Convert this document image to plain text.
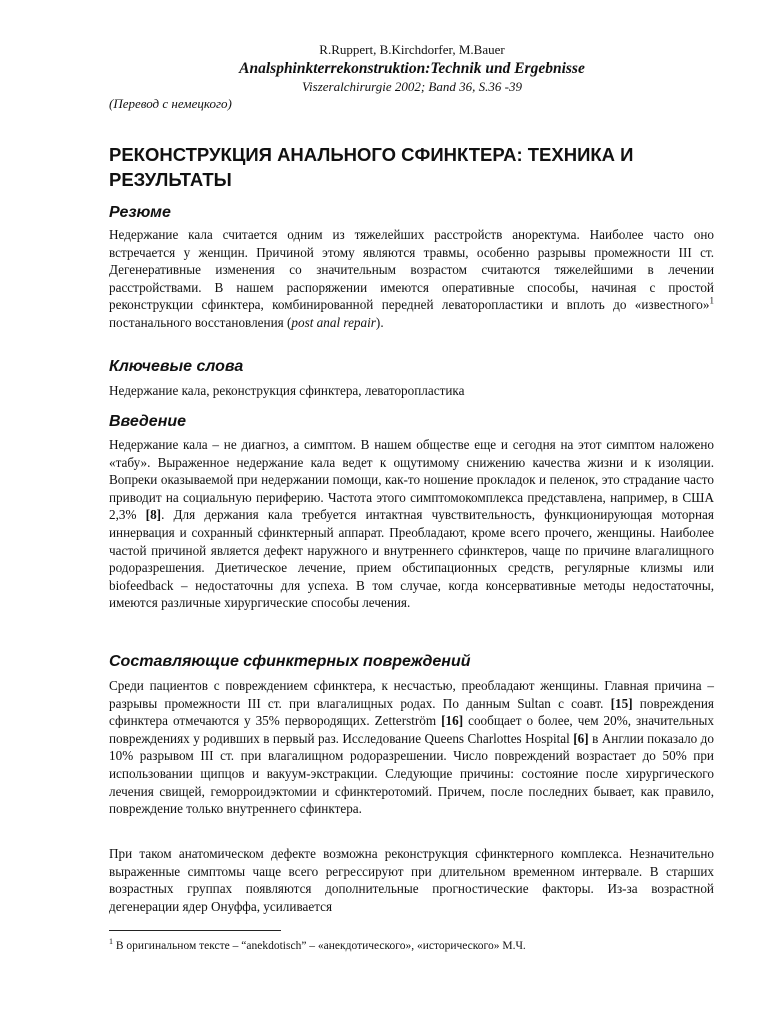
R.Ruppert, B.Kirchdorfer, M.Bauer
Analsphinkterrekonstruktion:Technik und Ergebnisse
Viszeralchirurgie 2002; Band 36, S.36 -39
(Перевод с немецкого)
РЕКОНСТРУКЦИЯ АНАЛЬНОГО СФИНКТЕРА: ТЕХНИКА И РЕЗУЛЬТАТЫ
Резюме

Недержание кала считается одним из тяжелейших расстройств аноректума. Наиболее часто оно встречается у женщин. Причиной этому являются травмы, особенно разрывы промежности III ст. Дегенеративные изменения со значительным возрастом считаются тяжелейшими в лечении расстройствами. В нашем распоряжении имеются оперативные способы, начиная с простой реконструкции сфинктера, комбинированной передней леваторопластики и вплоть до «известного»$^1$ постанального восстановления (post anal repair).

Ключевые слова

Недержание кала, реконструкция сфинктера, леваторопластика

Введение

Недержание кала – не диагноз, а симптом. В нашем обществе еще и сегодня на этот симптом наложено «табу». Выраженное недержание кала ведет к ощутимому снижению качества жизни и к изоляции. Вопреки оказываемой при недержании помощи, как-то ношение прокладок и пеленок, это страдание часто приводит на социальную периферию. Частота этого симптомокомплекса представлена, например, в США 2,3% [8]. Для держания кала требуется интактная чувствительность, функционирующая моторная иннервация и сохранный сфинктерный аппарат. Преобладают, кроме всего прочего, женщины. Наиболее частой причиной является дефект наружного и внутреннего сфинктеров, чаще по причине влагалищного родоразрешения. Диетическое лечение, прием обстипационных средств, регулярные клизмы или biofeedback – недостаточны для успеха. В том случае, когда консервативные методы недостаточны, имеются различные хирургические способы лечения.

Составляющие сфинктерных повреждений

Среди пациентов с повреждением сфинктера, к несчастью, преобладают женщины. Главная причина – разрывы промежности III ст. при влагалищных родах. По данным Sultan с соавт. [15] повреждения сфинктера отмечаются у 35% первородящих. Zetterström [16] сообщает о более, чем 20%, значительных повреждениях у родивших в первый раз. Исследование Queens Charlottes Hospital [6] в Англии показало до 10% разрывом III ст. при влагалищном родоразрешении. Число повреждений возрастает до 50% при использовании щипцов и вакуум-экстракции. Следующие причины: состояние после хирургического лечения свищей, геморроидэктомии и сфинктеротомий. Причем, после последних бывает, как правило, повреждение только внутреннего сфинктера.

При таком анатомическом дефекте возможна реконструкция сфинктерного комплекса. Незначительно выраженные симптомы чаще всего регрессируют при длительном временном интервале. В старших возрастных группах появляются дополнительные прогностические факторы. Из-за возрастной дегенерации ядер Онуффа, усиливается

$^1$ В оригинальном тексте – “anekdotisch” – «анекдотического», «исторического» М.Ч.
